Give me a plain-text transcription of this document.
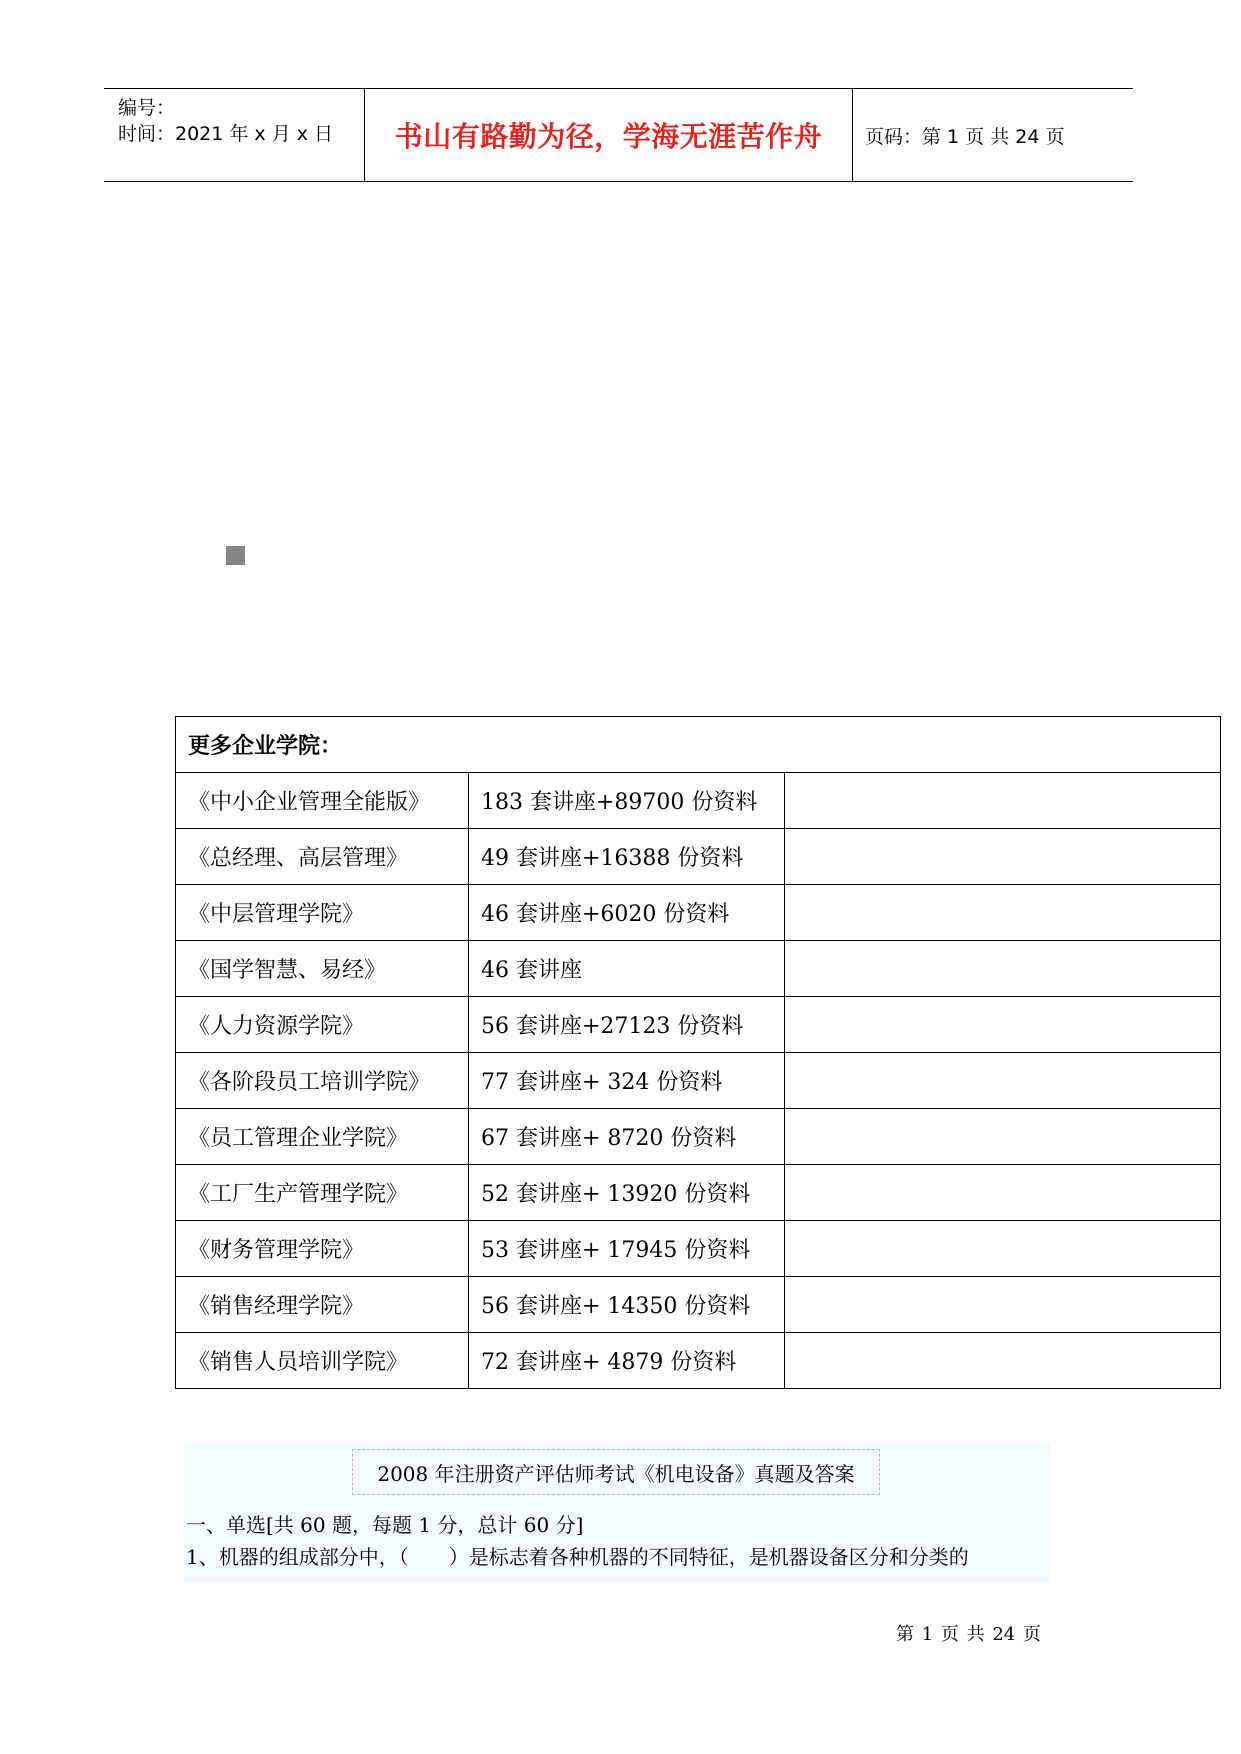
编号：
时间：2021 年 x 月 x 日 书山有路勤为径，学海无涯苦作舟 页码：第 1 页 共 24 页
更多企业学院：		
《中小企业管理全能版》	183 套讲座+89700 份资料	
《总经理、高层管理》	49 套讲座+16388 份资料	
《中层管理学院》	46 套讲座+6020 份资料	
《国学智慧、易经》	46 套讲座	
《人力资源学院》	56 套讲座+27123 份资料	
《各阶段员工培训学院》	77 套讲座+ 324 份资料	
《员工管理企业学院》	67 套讲座+ 8720 份资料	
《工厂生产管理学院》	52 套讲座+ 13920 份资料	
《财务管理学院》	53 套讲座+ 17945 份资料	
《销售经理学院》	56 套讲座+ 14350 份资料	
《销售人员培训学院》	72 套讲座+ 4879 份资料	
2008 年注册资产评估师考试《机电设备》真题及答案
一、单选[共 60 题，每题 1 分，总计 60 分]
1、机器的组成部分中，（　　）是标志着各种机器的不同特征，是机器设备区分和分类的
第 1 页 共 24 页
